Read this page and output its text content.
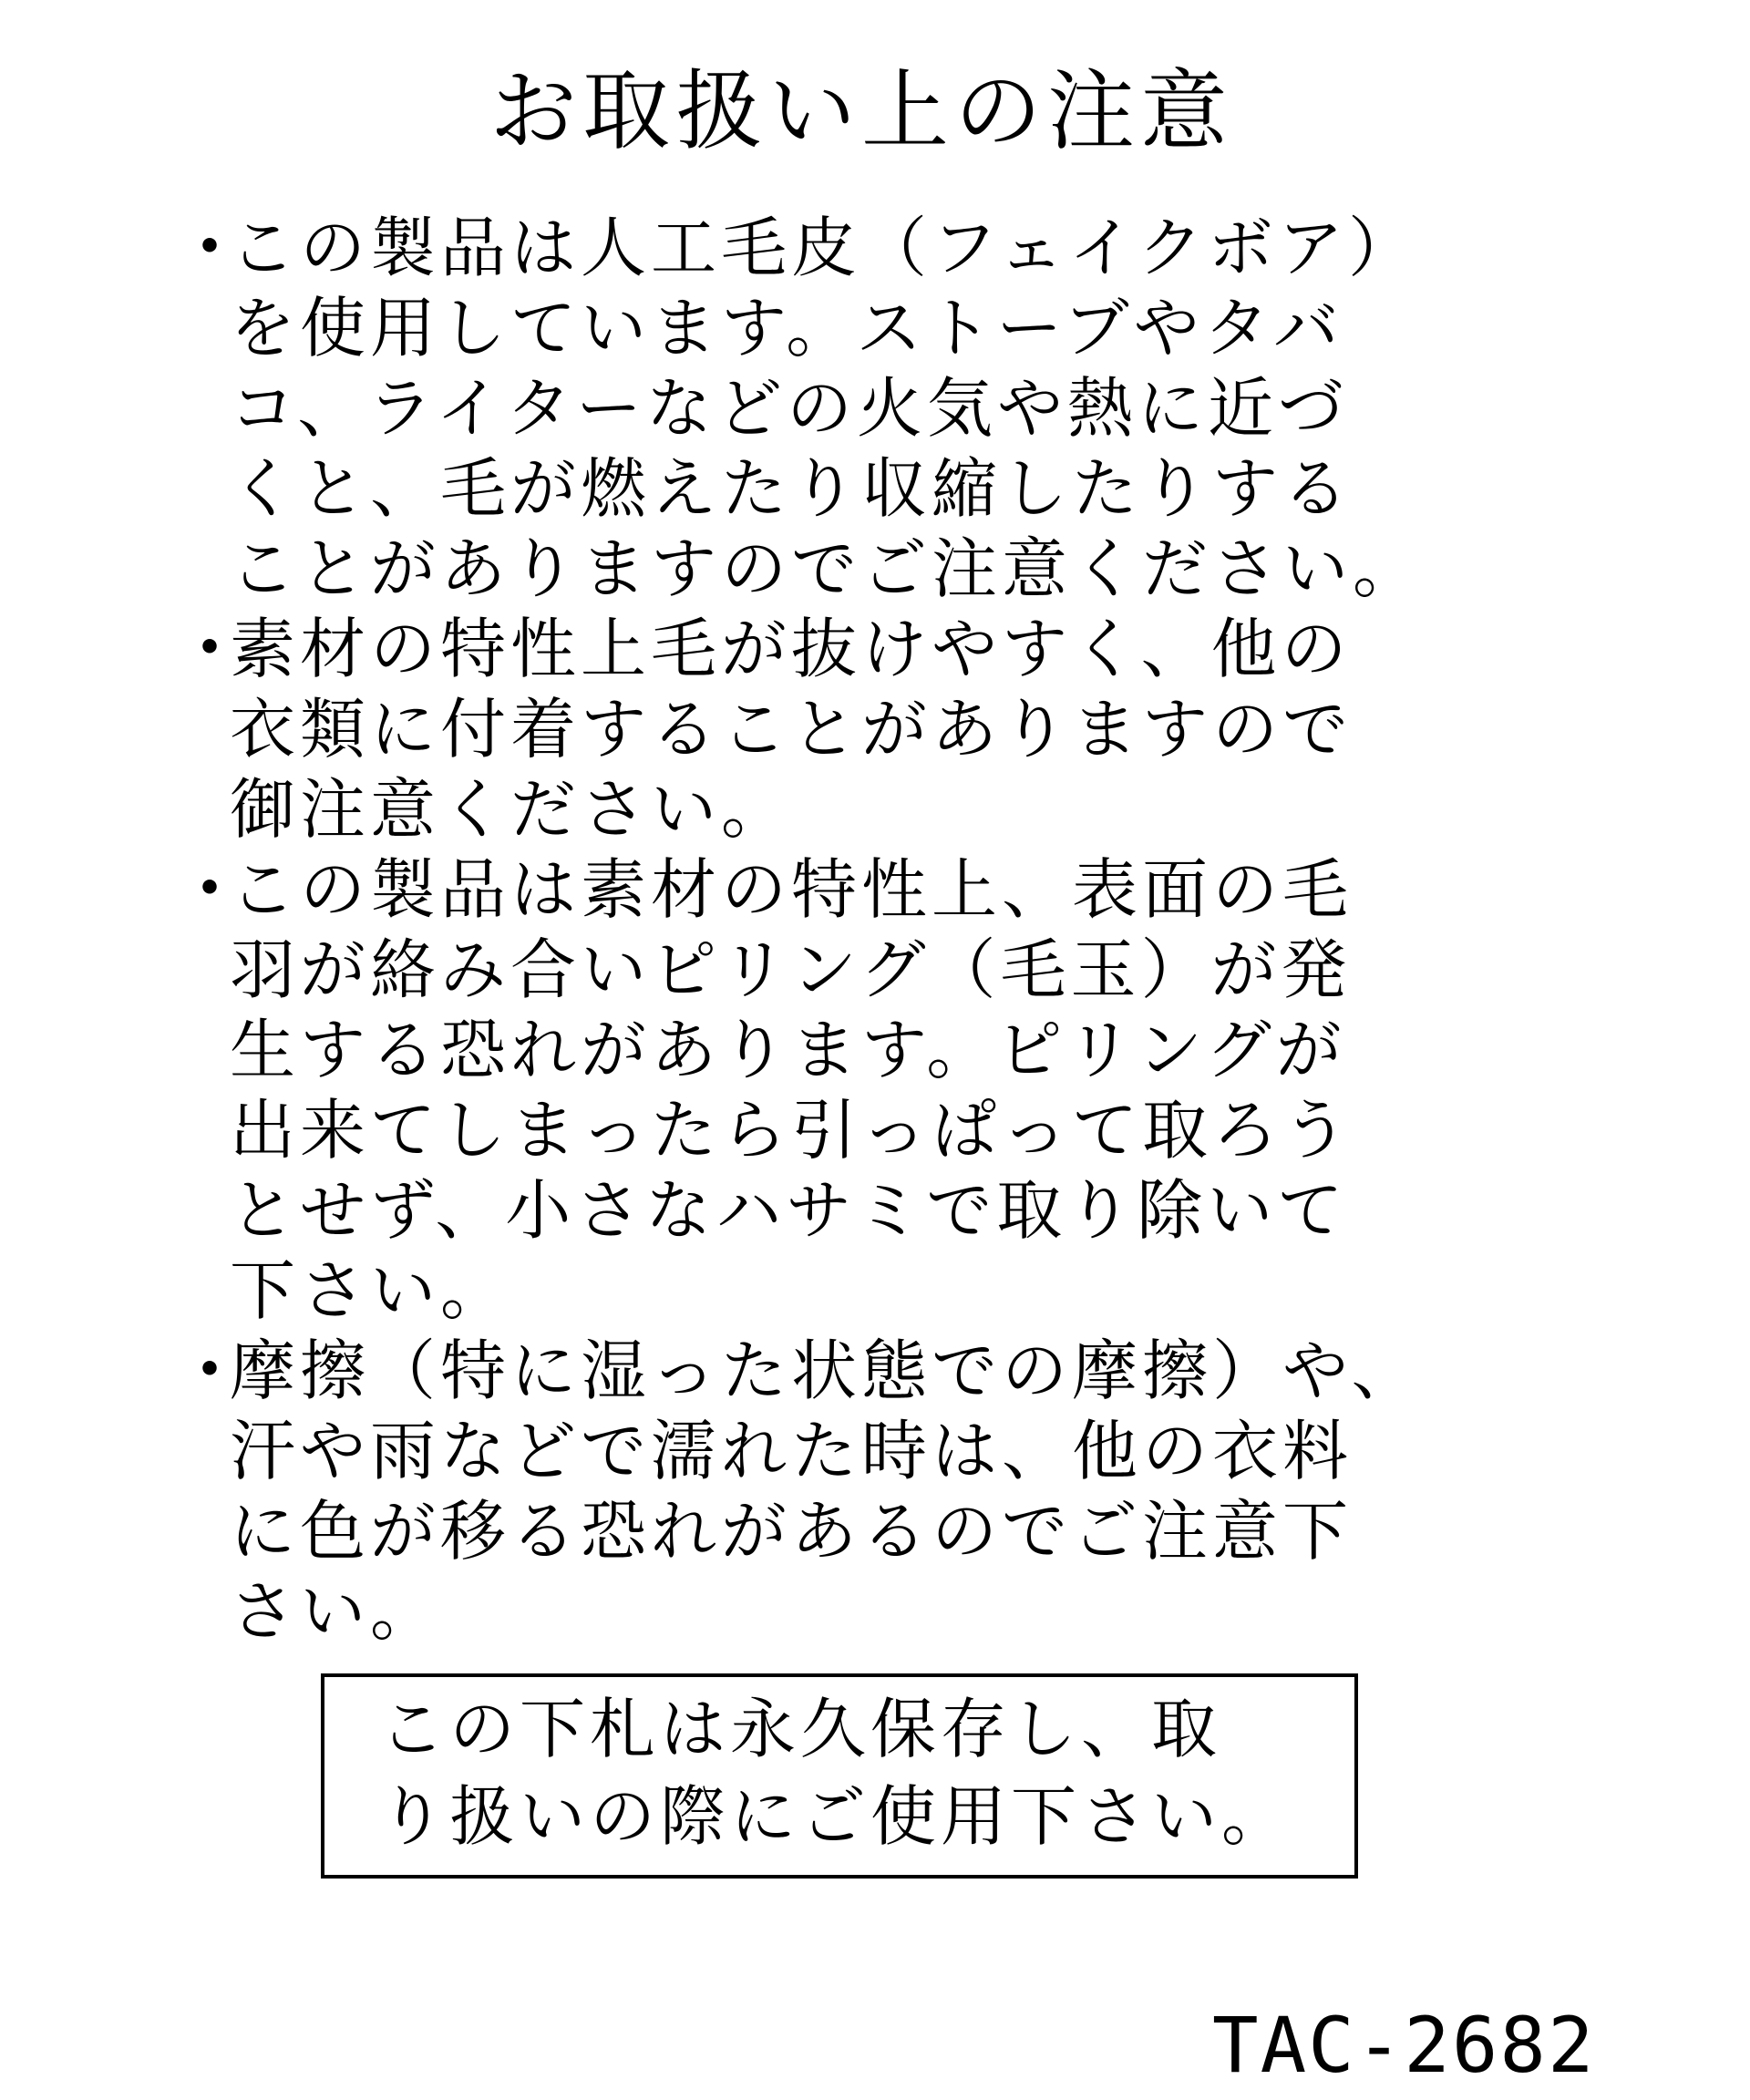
お取扱い上の注意
・
この製品は人工毛皮（フェイクボア）
を使用しています。ストーブやタバ
コ、ライターなどの火気や熱に近づ
くと、毛が燃えたり収縮したりする
ことがありますのでご注意ください。
・
素材の特性上毛が抜けやすく、他の
衣類に付着することがありますので
御注意ください。
・
この製品は素材の特性上、表面の毛
羽が絡み合いピリング（毛玉）が発
生する恐れがあります。ピリングが
出来てしまったら引っぱって取ろう
とせず、小さなハサミで取り除いて
下さい。
・
摩擦（特に湿った状態での摩擦）や、
汗や雨などで濡れた時は、他の衣料
に色が移る恐れがあるのでご注意下
さい。
この下札は永久保存し、取
り扱いの際にご使用下さい。
TAC-2682
